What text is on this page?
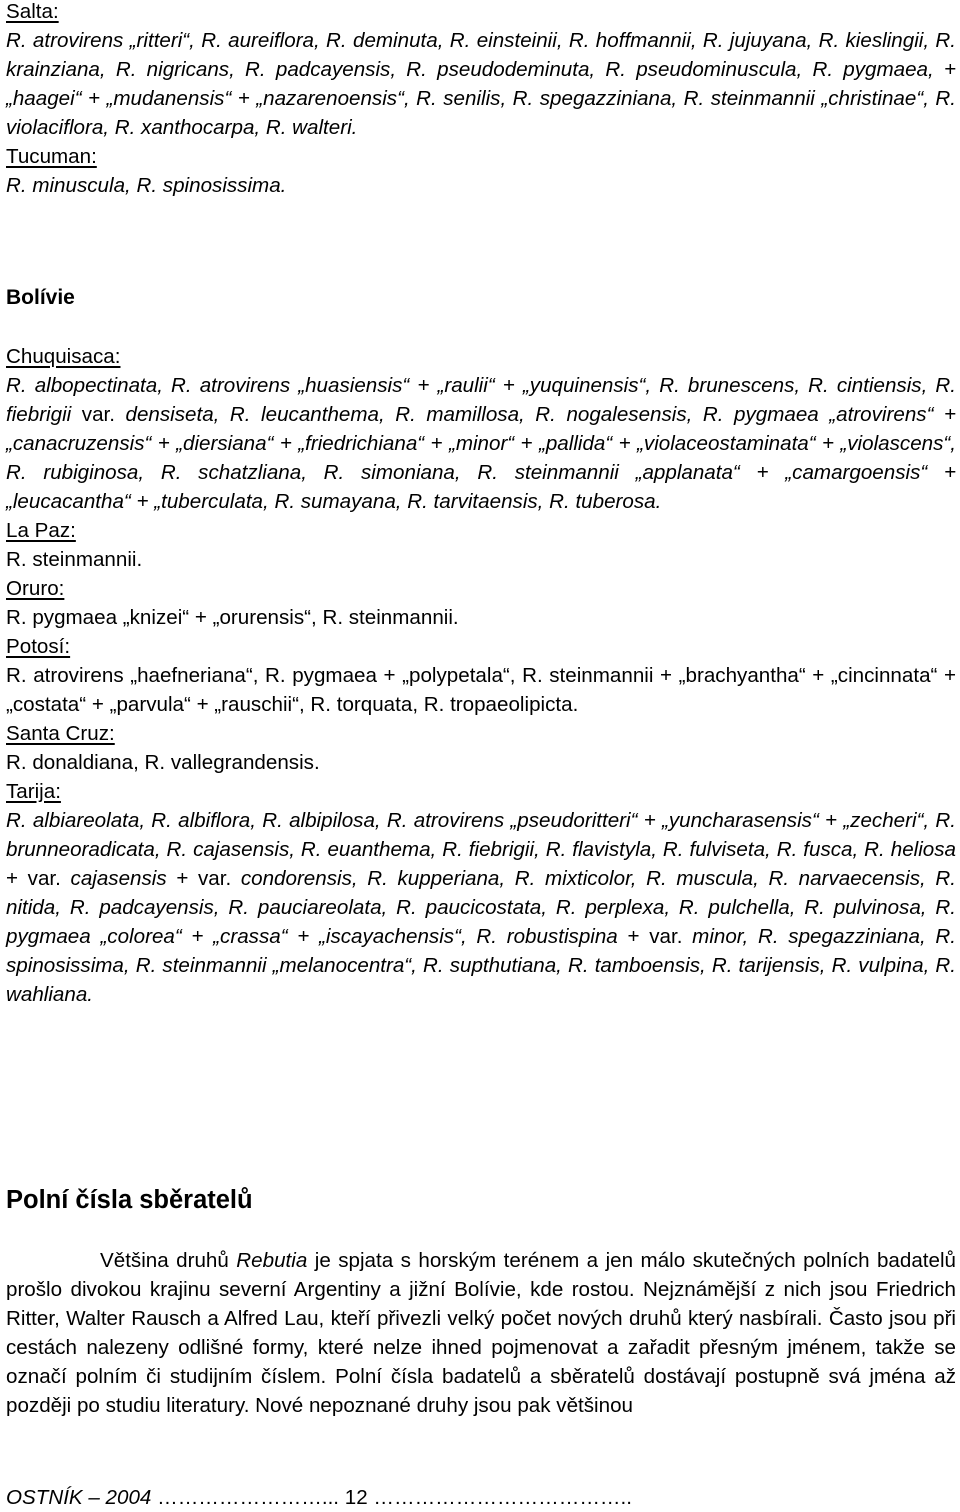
Salta:

R. atrovirens „ritteri“, R. aureiflora, R. deminuta, R. einsteinii, R. hoffmannii, R. jujuyana, R. kieslingii, R. krainziana, R. nigricans, R. padcayensis, R. pseudodeminuta, R. pseudominuscula, R. pygmaea, + „haagei“ + „mudanensis“ + „nazarenoensis“, R. senilis, R. spegazziniana, R. steinmannii „christinae“, R. violaciflora, R. xanthocarpa, R. walteri.

Tucuman:

R. minuscula, R. spinosissima.

Bolívie

Chuquisaca:

R. albopectinata, R. atrovirens „huasiensis“ + „raulii“ + „yuquinensis“, R. brunescens, R. cintiensis, R. fiebrigii var. densiseta, R. leucanthema, R. mamillosa, R. nogalesensis, R. pygmaea „atrovirens“ + „canacruzensis“ + „diersiana“ + „friedrichiana“ + „minor“ + „pallida“ + „violaceostaminata“ + „violascens“, R. rubiginosa, R. schatzliana, R. simoniana, R. steinmannii „applanata“ + „camargoensis“ + „leucacantha“ + „tuberculata, R. sumayana, R. tarvitaensis, R. tuberosa.

La Paz:

R. steinmannii.

Oruro:

R. pygmaea „knizei“ + „orurensis“, R. steinmannii.

Potosí:

R. atrovirens „haefneriana“, R. pygmaea + „polypetala“, R. steinmannii + „brachyantha“ + „cincinnata“ + „costata“ + „parvula“ + „rauschii“, R. torquata, R. tropaeolipicta.

Santa Cruz:

R. donaldiana, R. vallegrandensis.

Tarija:

R. albiareolata, R. albiflora, R. albipilosa, R. atrovirens „pseudoritteri“ + „yuncharasensis“ + „zecheri“, R. brunneoradicata, R. cajasensis, R. euanthema, R. fiebrigii, R. flavistyla, R. fulviseta, R. fusca, R. heliosa + var. cajasensis + var. condorensis, R. kupperiana, R. mixticolor, R. muscula, R. narvaecensis, R. nitida, R. padcayensis, R. pauciareolata, R. paucicostata, R. perplexa, R. pulchella, R. pulvinosa, R. pygmaea „colorea“ + „crassa“ + „iscayachensis“, R. robustispina + var. minor, R. spegazziniana, R. spinosissima, R. steinmannii „melanocentra“, R. supthutiana, R. tamboensis, R. tarijensis, R. vulpina, R. wahliana.

Polní čísla sběratelů

Většina druhů Rebutia je spjata s horským terénem a jen málo skutečných polních badatelů prošlo divokou krajinu severní Argentiny a jižní Bolívie, kde rostou. Nejznámější z nich jsou Friedrich Ritter, Walter Rausch a Alfred Lau, kteří přivezli velký počet nových druhů který nasbírali. Často jsou při cestách nalezeny odlišné formy, které nelze ihned pojmenovat a zařadit přesným jménem, takže se označí polním či studijním číslem. Polní čísla badatelů a sběratelů dostávají postupně svá jména až později po studiu literatury. Nové nepoznané druhy jsou pak většinou

OSTNÍK – 2004 ……………………... 12 ………………………………..
